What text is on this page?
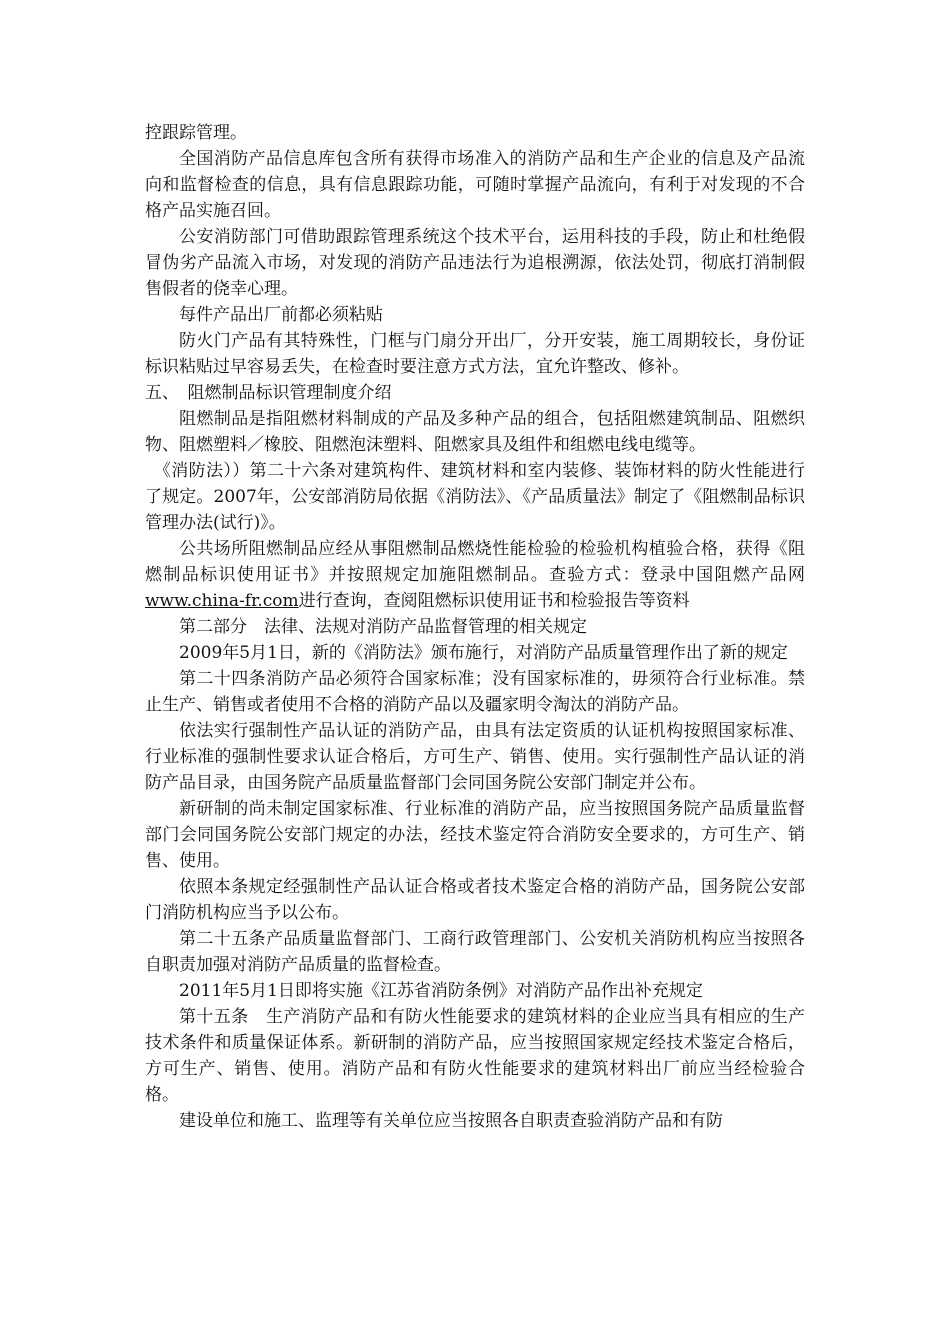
控跟踪管理。

全国消防产品信息库包含所有获得市场准入的消防产品和生产企业的信息及产品流向和监督检查的信息，具有信息跟踪功能，可随时掌握产品流向，有利于对发现的不合格产品实施召回。

公安消防部门可借助跟踪管理系统这个技术平台，运用科技的手段，防止和杜绝假冒伪劣产品流入市场，对发现的消防产品违法行为追根溯源，依法处罚，彻底打消制假售假者的侥幸心理。

每件产品出厂前都必须粘贴

防火门产品有其特殊性，门框与门扇分开出厂，分开安装，施工周期较长，身份证标识粘贴过早容易丢失，在检查时要注意方式方法，宜允许整改、修补。

五、　阻燃制品标识管理制度介绍

阻燃制品是指阻燃材料制成的产品及多种产品的组合，包括阻燃建筑制品、阻燃织物、阻燃塑料／橡胶、阻燃泡沫塑料、阻燃家具及组件和组燃电线电缆等。

　《消防法））第二十六条对建筑构件、建筑材料和室内装修、装饰材料的防火性能进行了规定。2007年，公安部消防局依据《消防法》、《产品质量法》制定了《阻燃制品标识管理办法(试行)》。

公共场所阻燃制品应经从事阻燃制品燃烧性能检验的检验机构植验合格，获得《阻燃制品标识使用证书》并按照规定加施阻燃制品。查验方式：登录中国阻燃产品网www.china-fr.com进行查询，查阅阻燃标识使用证书和检验报告等资料

第二部分　法律、法规对消防产品监督管理的相关规定

2009年5月1日，新的《消防法》颁布施行，对消防产品质量管理作出了新的规定

第二十四条消防产品必须符合国家标准；没有国家标准的，毋须符合行业标准。禁止生产、销售或者使用不合格的消防产品以及疆家明令淘汰的消防产品。

依法实行强制性产品认证的消防产品，由具有法定资质的认证机构按照国家标准、行业标准的强制性要求认证合格后，方可生产、销售、使用。实行强制性产品认证的消防产品目录，由国务院产品质量监督部门会同国务院公安部门制定并公布。

新研制的尚未制定国家标准、行业标准的消防产品，应当按照国务院产品质量监督部门会同国务院公安部门规定的办法，经技术鉴定符合消防安全要求的，方可生产、销售、使用。

依照本条规定经强制性产品认证合格或者技术鉴定合格的消防产品，国务院公安部门消防机构应当予以公布。

第二十五条产品质量监督部门、工商行政管理部门、公安机关消防机构应当按照各自职责加强对消防产品质量的监督检查。

2011年5月1日即将实施《江苏省消防条例》对消防产品作出补充规定

第十五条　生产消防产品和有防火性能要求的建筑材料的企业应当具有相应的生产技术条件和质量保证体系。新研制的消防产品，应当按照国家规定经技术鉴定合格后，方可生产、销售、使用。消防产品和有防火性能要求的建筑材料出厂前应当经检验合格。

建设单位和施工、监理等有关单位应当按照各自职责查验消防产品和有防
